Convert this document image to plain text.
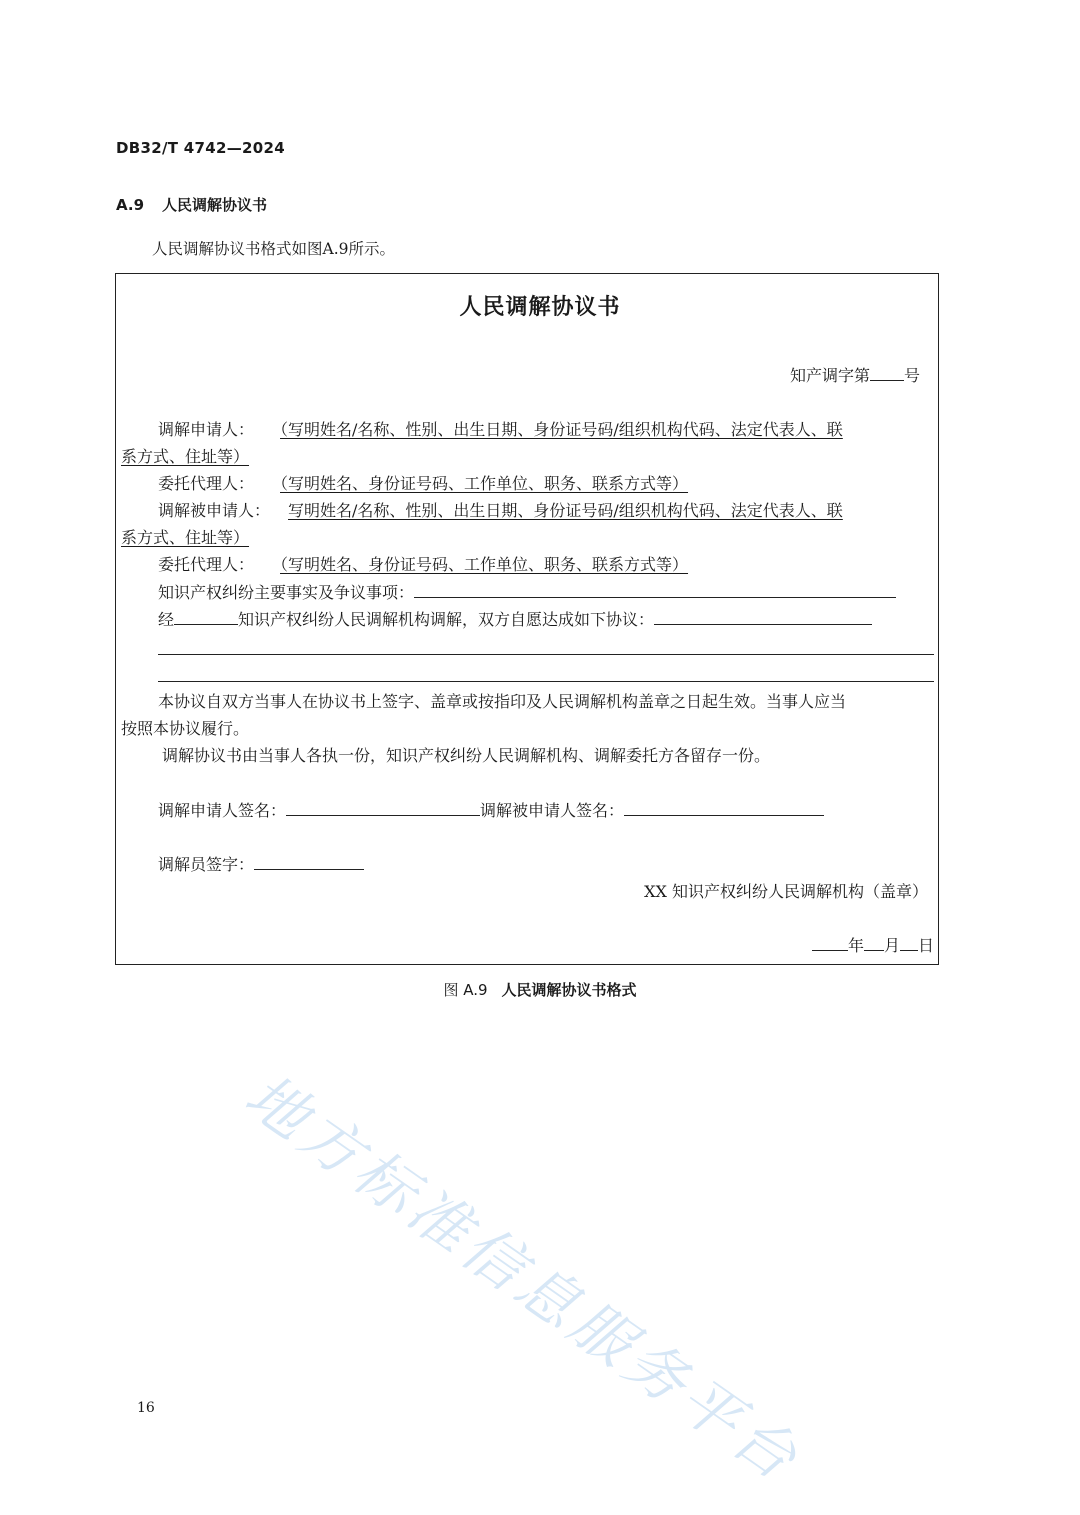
DB32/T 4742—2024
A.9 人民调解协议书
人民调解协议书格式如图A.9所示。
人民调解协议书
知产调字第 号
调解申请人： （写明姓名/名称、性别、出生日期、身份证号码/组织机构代码、法定代表人、联
系方式、住址等）
委托代理人： （写明姓名、身份证号码、工作单位、职务、联系方式等）
调解被申请人： 写明姓名/名称、性别、出生日期、身份证号码/组织机构代码、法定代表人、联
系方式、住址等）
委托代理人： （写明姓名、身份证号码、工作单位、职务、联系方式等）
知识产权纠纷主要事实及争议事项：
经	知识产权纠纷人民调解机构调解，双方自愿达成如下协议：
本协议自双方当事人在协议书上签字、盖章或按指印及人民调解机构盖章之日起生效。当事人应当
按照本协议履行。
调解协议书由当事人各执一份，知识产权纠纷人民调解机构、调解委托方各留存一份。
调解申请人签名：	调解被申请人签名：
调解员签字：
XX 知识产权纠纷人民调解机构（盖章）
年 月 日
图 A.9 人民调解协议书格式
地方标准信息服务平台
16
